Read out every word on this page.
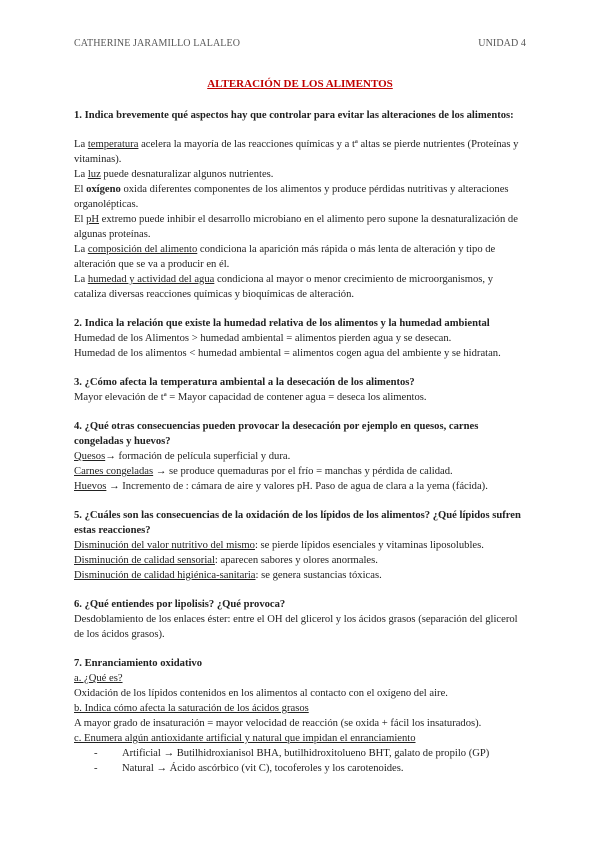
CATHERINE JARAMILLO LALALEO	UNIDAD 4
ALTERACIÓN DE LOS ALIMENTOS

1. Indica brevemente qué aspectos hay que controlar para evitar las alteraciones de los alimentos:

La temperatura acelera la mayoría de las reacciones químicas y a tª altas se pierde nutrientes (Proteínas y vitaminas).

La luz puede desnaturalizar algunos nutrientes.

El oxígeno oxida diferentes componentes de los alimentos y produce pérdidas nutritivas y alteraciones organolépticas.

El pH extremo puede inhibir el desarrollo microbiano en el alimento pero supone la desnaturalización de algunas proteínas.

La composición del alimento condiciona la aparición más rápida o más lenta de alteración y tipo de alteración que se va a producir en él.

La humedad y actividad del agua condiciona al mayor o menor crecimiento de microorganismos, y cataliza diversas reacciones químicas y bioquímicas de alteración.

2. Indica la relación que existe la humedad relativa de los alimentos y la humedad ambiental

Humedad de los Alimentos > humedad ambiental = alimentos pierden agua y se desecan.

Humedad de los alimentos < humedad ambiental = alimentos cogen agua del ambiente y se hidratan.

3. ¿Cómo afecta la temperatura ambiental a la desecación de los alimentos?

Mayor elevación de tª = Mayor capacidad de contener agua = deseca los alimentos.

4. ¿Qué otras consecuencias pueden provocar la desecación por ejemplo en quesos, carnes congeladas y huevos?

Quesos→ formación de película superficial y dura.

Carnes congeladas → se produce quemaduras por el frío = manchas y pérdida de calidad.

Huevos → Incremento de : cámara de aire y valores pH. Paso de agua de clara a la yema (fácida).

5. ¿Cuáles son las consecuencias de la oxidación de los lípidos de los alimentos? ¿Qué lípidos sufren estas reacciones?

Disminución del valor nutritivo del mismo: se pierde lípidos esenciales y vitaminas liposolubles.

Disminución de calidad sensorial: aparecen sabores y olores anormales.

Disminución de calidad higiénica-sanitaria: se genera sustancias tóxicas.

6. ¿Qué entiendes por lipolisis? ¿Qué provoca?

Desdoblamiento de los enlaces éster: entre el OH del glicerol y los ácidos grasos (separación del glicerol de los ácidos grasos).

7. Enranciamiento oxidativo

a. ¿Qué es?

Oxidación de los lípidos contenidos en los alimentos al contacto con el oxígeno del aire.

b. Indica cómo afecta la saturación de los ácidos grasos

A mayor grado de insaturación = mayor velocidad de reacción (se oxida + fácil los insaturados).

c. Enumera algún antioxidante artificial y natural que impidan el enranciamiento

- Artificial → Butilhidroxianisol BHA, butilhidroxitolueno BHT, galato de propilo (GP)
- Natural → Ácido ascórbico (vit C), tocoferoles y los carotenoides.
